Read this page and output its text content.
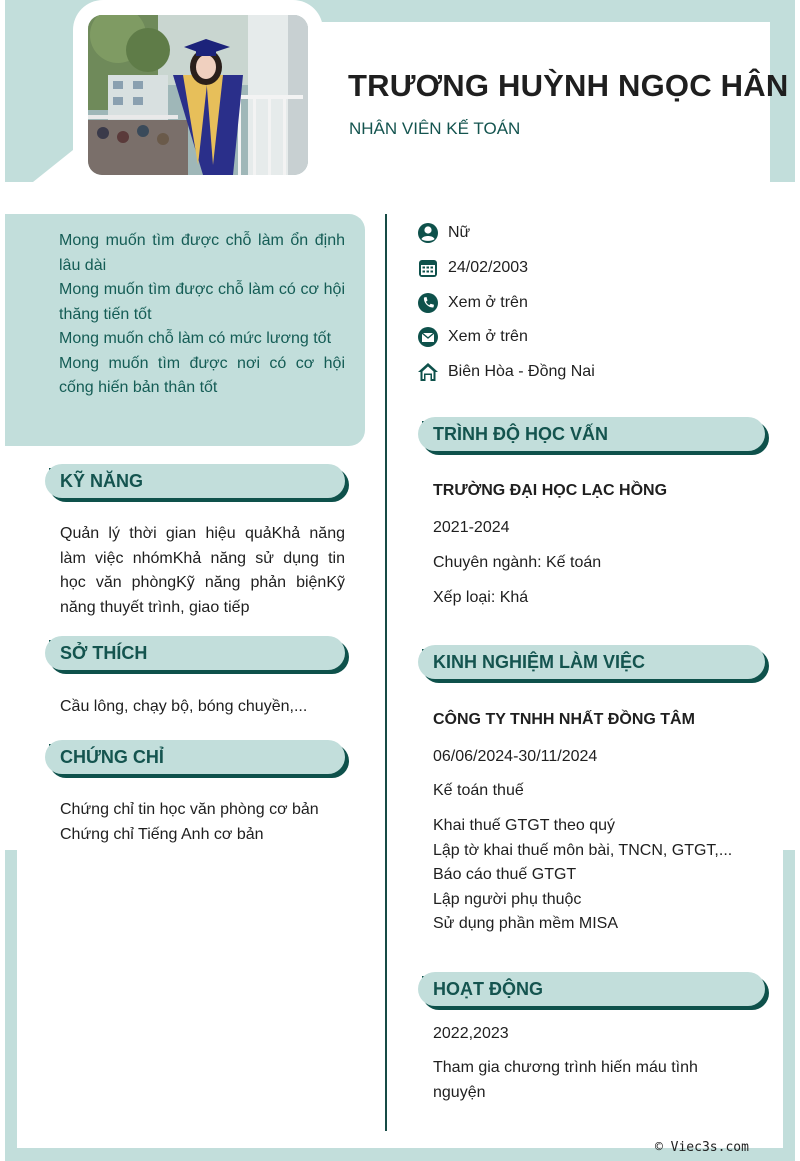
TRƯƠNG HUỲNH NGỌC HÂN
NHÂN VIÊN KẾ TOÁN

Mong muốn tìm được chỗ làm ổn định lâu dài

Mong muốn tìm được chỗ làm có cơ hội thăng tiến tốt

Mong muốn chỗ làm có mức lương tốt

Mong muốn tìm được nơi có cơ hội cống hiến bản thân tốt

KỸ NĂNG
Quản lý thời gian hiệu quảKhả năng làm việc nhómKhả năng sử dụng tin học văn phòngKỹ năng phản biệnKỹ năng thuyết trình, giao tiếp
SỞ THÍCH
Cầu lông, chạy bộ, bóng chuyền,...
CHỨNG CHỈ
Chứng chỉ tin học văn phòng cơ bản
Chứng chỉ Tiếng Anh cơ bản
Nữ
24/02/2003
Xem ở trên
Xem ở trên
Biên Hòa - Đồng Nai
TRÌNH ĐỘ HỌC VẤN
TRƯỜNG ĐẠI HỌC LẠC HỒNG
2021-2024
Chuyên ngành: Kế toán
Xếp loại: Khá
KINH NGHIỆM LÀM VIỆC
CÔNG TY TNHH NHẤT ĐỒNG TÂM
06/06/2024-30/11/2024
Kế toán thuế
Khai thuế GTGT theo quý
Lập tờ khai thuế môn bài, TNCN, GTGT,...
Báo cáo thuế GTGT
Lập người phụ thuộc
Sử dụng phần mềm MISA
HOẠT ĐỘNG
2022,2023
Tham gia chương trình hiến máu tình nguyện
© Viec3s.com
